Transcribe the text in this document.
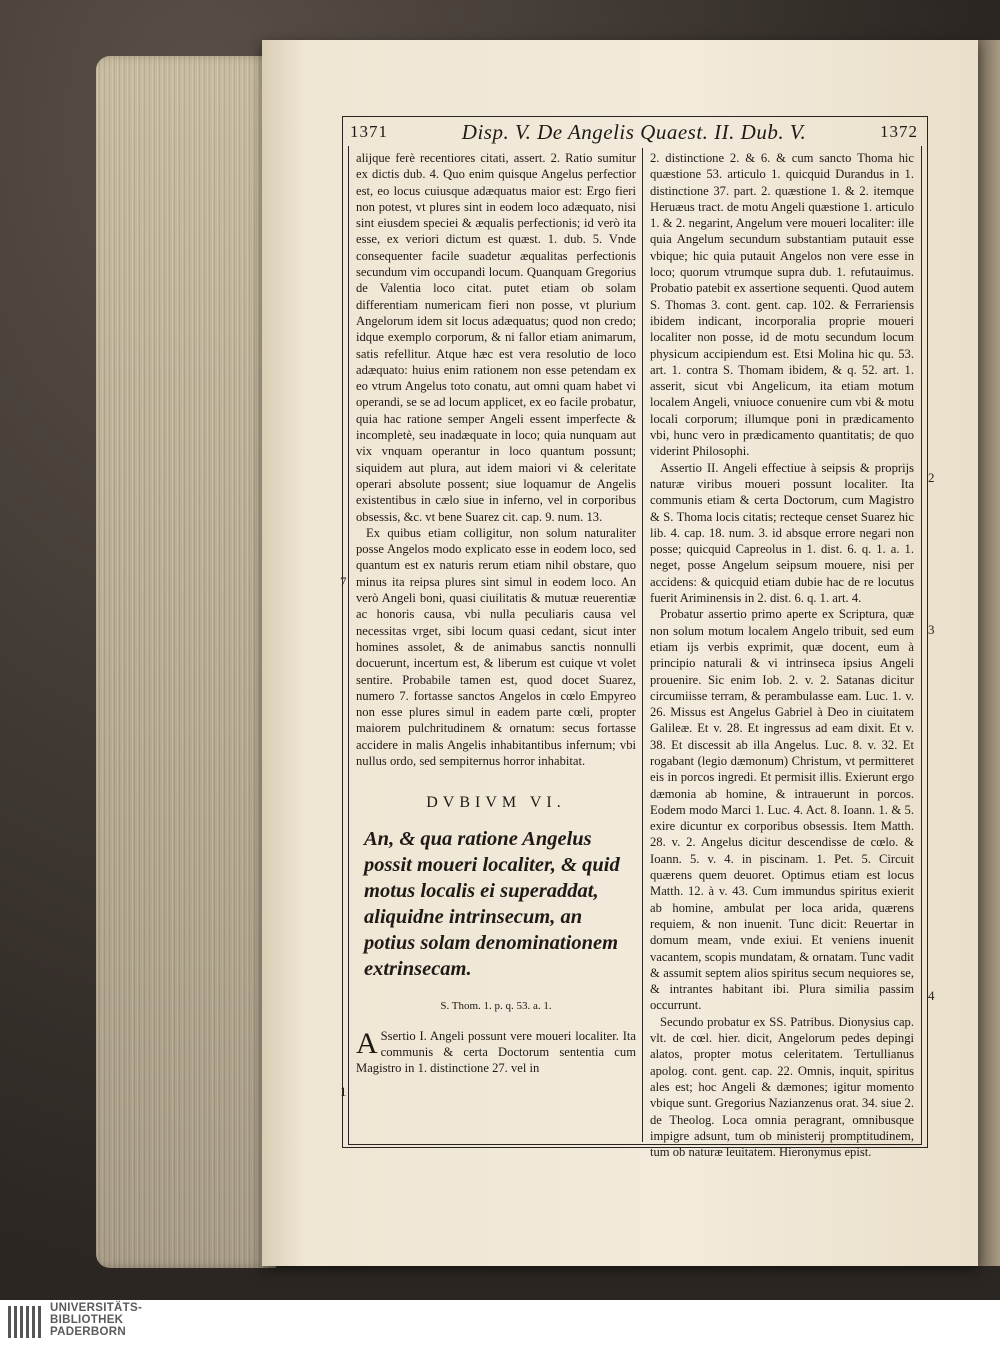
1371	Disp. V. De Angelis Quaest. II. Dub. V.	1372

alijque ferè recentiores citati, assert. 2. Ratio sumitur ex dictis dub. 4. Quo enim quisque Angelus perfectior est, eo locus cuiusque adæquatus maior est: Ergo fieri non potest, vt plures sint in eodem loco adæquato, nisi sint eiusdem speciei & æqualis perfectionis; id verò ita esse, ex veriori dictum est quæst. 1. dub. 5. Vnde consequenter facile suadetur æqualitas perfectionis secundum vim occupandi locum. Quanquam Gregorius de Valentia loco citat. putet etiam ob solam differentiam numericam fieri non posse, vt plurium Angelorum idem sit locus adæquatus; quod non credo; idque exemplo corporum, & ni fallor etiam animarum, satis refellitur. Atque hæc est vera resolutio de loco adæquato: huius enim rationem non esse petendam ex eo vtrum Angelus toto conatu, aut omni quam habet vi operandi, se se ad locum applicet, ex eo facile probatur, quia hac ratione semper Angeli essent imperfecte & incompletè, seu inadæquate in loco; quia nunquam aut vix vnquam operantur in loco quantum possunt; siquidem aut plura, aut idem maiori vi & celeritate operari absolute possent; siue loquamur de Angelis existentibus in cælo siue in inferno, vel in corporibus obsessis, &c. vt bene Suarez cit. cap. 9. num. 13.

Ex quibus etiam colligitur, non solum naturaliter posse Angelos modo explicato esse in eodem loco, sed quantum est ex naturis rerum etiam nihil obstare, quo minus ita reipsa plures sint simul in eodem loco. An verò Angeli boni, quasi ciuilitatis & mutuæ reuerentiæ ac honoris causa, vbi nulla peculiaris causa vel necessitas vrget, sibi locum quasi cedant, sicut inter homines assolet, & de animabus sanctis nonnulli docuerunt, incertum est, & liberum est cuique vt volet sentire. Probabile tamen est, quod docet Suarez, numero 7. fortasse sanctos Angelos in cœlo Empyreo non esse plures simul in eadem parte cœli, propter maiorem pulchritudinem & ornatum: secus fortasse accidere in malis Angelis inhabitantibus infernum; vbi nullus ordo, sed sempiternus horror inhabitat.

DVBIVM VI.
An, & qua ratione Angelus possit moueri localiter, & quid motus localis ei superaddat, aliquidne intrinsecum, an potius solam denominationem extrinsecam.
S. Thom. 1. p. q. 53. a. 1.

A Ssertio I. Angeli possunt vere moueri localiter. Ita communis & certa Doctorum sententia cum Magistro in 1. distinctione 27. vel in

2. distinctione 2. & 6. & cum sancto Thoma hic quæstione 53. articulo 1. quicquid Durandus in 1. distinctione 37. part. 2. quæstione 1. & 2. itemque Heruæus tract. de motu Angeli quæstione 1. articulo 1. & 2. negarint, Angelum vere moueri localiter: ille quia Angelum secundum substantiam putauit esse vbique; hic quia putauit Angelos non vere esse in loco; quorum vtrumque supra dub. 1. refutauimus. Probatio patebit ex assertione sequenti. Quod autem S. Thomas 3. cont. gent. cap. 102. & Ferrariensis ibidem indicant, incorporalia proprie moueri localiter non posse, id de motu secundum locum physicum accipiendum est. Etsi Molina hic qu. 53. art. 1. contra S. Thomam ibidem, & q. 52. art. 1. asserit, sicut vbi Angelicum, ita etiam motum localem Angeli, vniuoce conuenire cum vbi & motu locali corporum; illumque poni in prædicamento vbi, hunc vero in prædicamento quantitatis; de quo viderint Philosophi.

Assertio II. Angeli effectiue à seipsis & proprijs naturæ viribus moueri possunt localiter. Ita communis etiam & certa Doctorum, cum Magistro & S. Thoma locis citatis; recteque censet Suarez hic lib. 4. cap. 18. num. 3. id absque errore negari non posse; quicquid Capreolus in 1. dist. 6. q. 1. a. 1. neget, posse Angelum seipsum mouere, nisi per accidens: & quicquid etiam dubie hac de re locutus fuerit Ariminensis in 2. dist. 6. q. 1. art. 4.

Probatur assertio primo aperte ex Scriptura, quæ non solum motum localem Angelo tribuit, sed eum etiam ijs verbis exprimit, quæ docent, eum à principio naturali & vi intrinseca ipsius Angeli prouenire. Sic enim Iob. 2. v. 2. Satanas dicitur circumiisse terram, & perambulasse eam. Luc. 1. v. 26. Missus est Angelus Gabriel à Deo in ciuitatem Galileæ. Et v. 28. Et ingressus ad eam dixit. Et v. 38. Et discessit ab illa Angelus. Luc. 8. v. 32. Et rogabant (legio dæmonum) Christum, vt permitteret eis in porcos ingredi. Et permisit illis. Exierunt ergo dæmonia ab homine, & intrauerunt in porcos. Eodem modo Marci 1. Luc. 4. Act. 8. Ioann. 1. & 5. exire dicuntur ex corporibus obsessis. Item Matth. 28. v. 2. Angelus dicitur descendisse de cœlo. & Ioann. 5. v. 4. in piscinam. 1. Pet. 5. Circuit quærens quem deuoret. Optimus etiam est locus Matth. 12. à v. 43. Cum immundus spiritus exierit ab homine, ambulat per loca arida, quærens requiem, & non inuenit. Tunc dicit: Reuertar in domum meam, vnde exiui. Et veniens inuenit vacantem, scopis mundatam, & ornatam. Tunc vadit & assumit septem alios spiritus secum nequiores se, & intrantes habitant ibi. Plura similia passim occurrunt.

Secundo probatur ex SS. Patribus. Dionysius cap. vlt. de cœl. hier. dicit, Angelorum pedes depingi alatos, propter motus celeritatem. Tertullianus apolog. cont. gent. cap. 22. Omnis, inquit, spiritus ales est; hoc Angeli & dæmones; igitur momento vbique sunt. Gregorius Nazianzenus orat. 34. siue 2. de Theolog. Loca omnia peragrant, omnibusque impigre adsunt, tum ob ministerij promptitudinem, tum ob naturæ leuitatem. Hieronymus epist.

7
1
2
3
4
UNIVERSITÄTS-
BIBLIOTHEK
PADERBORN
